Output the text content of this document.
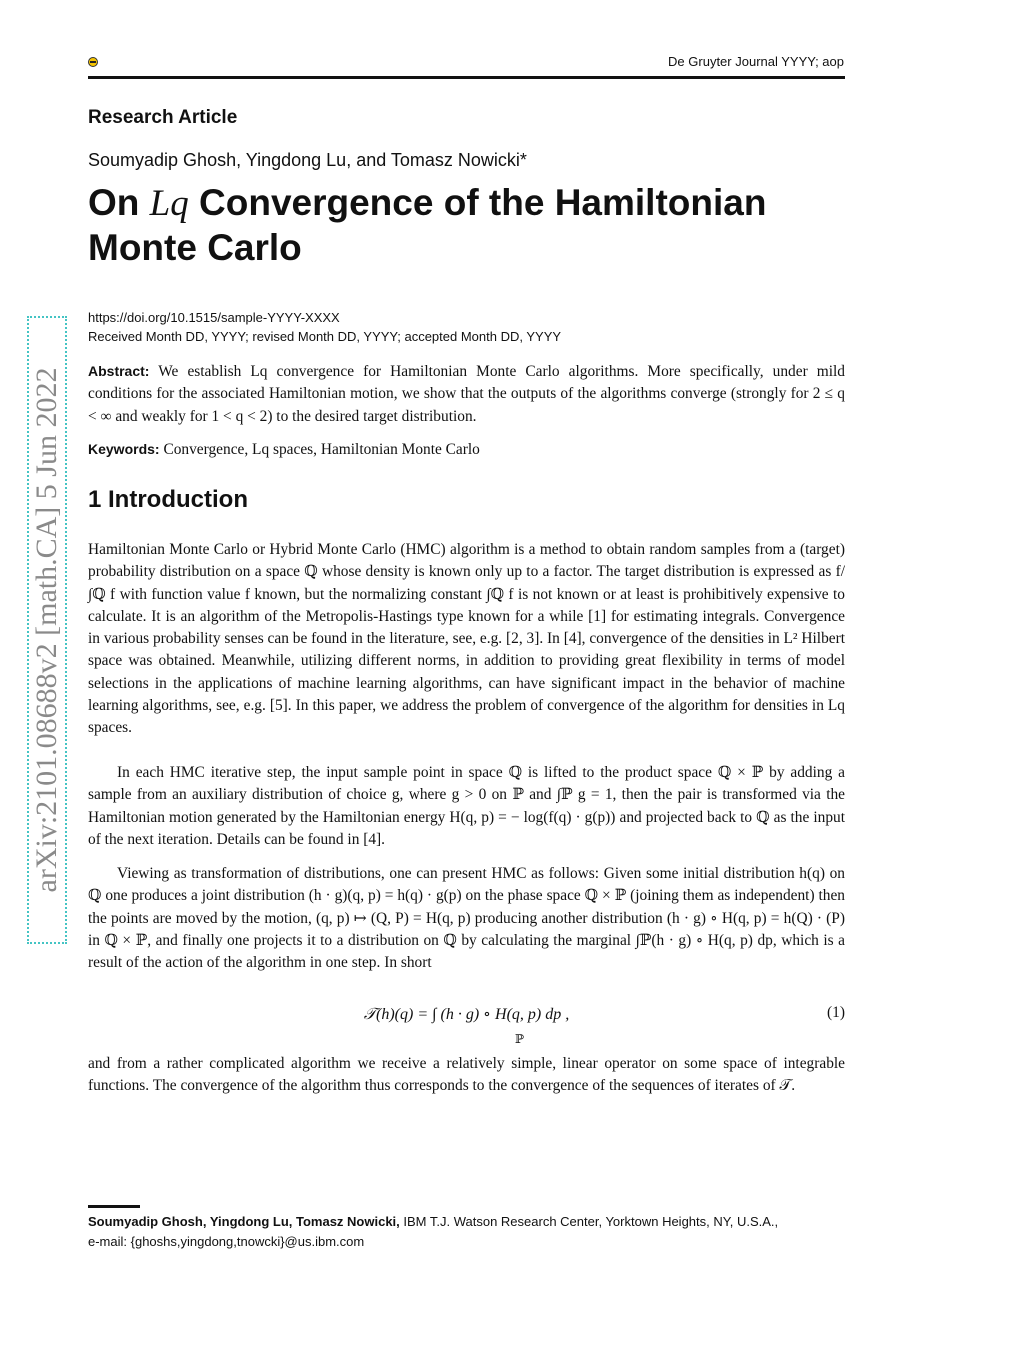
De Gruyter Journal YYYY; aop
Research Article
Soumyadip Ghosh, Yingdong Lu, and Tomasz Nowicki*
On Lq Convergence of the Hamiltonian Monte Carlo
https://doi.org/10.1515/sample-YYYY-XXXX
Received Month DD, YYYY; revised Month DD, YYYY; accepted Month DD, YYYY
arXiv:2101.08688v2 [math.CA] 5 Jun 2022 Abstract: We establish Lq convergence for Hamiltonian Monte Carlo algorithms. More specifically, under mild conditions for the associated Hamiltonian motion, we show that the outputs of the algorithms converge (strongly for 2 ≤ q < ∞ and weakly for 1 < q < 2) to the desired target distribution.
Keywords: Convergence, Lq spaces, Hamiltonian Monte Carlo
1 Introduction
Hamiltonian Monte Carlo or Hybrid Monte Carlo (HMC) algorithm is a method to obtain random samples from a (target) probability distribution on a space ℚ whose density is known only up to a factor. The target distribution is expressed as f/ ∫ℚ f with function value f known, but the normalizing constant ∫ℚ f is not known or at least is prohibitively expensive to calculate. It is an algorithm of the Metropolis-Hastings type known for a while [1] for estimating integrals. Convergence in various probability senses can be found in the literature, see, e.g. [2, 3]. In [4], convergence of the densities in L² Hilbert space was obtained. Meanwhile, utilizing different norms, in addition to providing great flexibility in terms of model selections in the applications of machine learning algorithms, can have significant impact in the behavior of machine learning algorithms, see, e.g. [5]. In this paper, we address the problem of convergence of the algorithm for densities in Lq spaces.
In each HMC iterative step, the input sample point in space ℚ is lifted to the product space ℚ × ℙ by adding a sample from an auxiliary distribution of choice g, where g > 0 on ℙ and ∫ℙ g = 1, then the pair is transformed via the Hamiltonian motion generated by the Hamiltonian energy H(q, p) = − log(f(q) · g(p)) and projected back to ℚ as the input of the next iteration. Details can be found in [4].
Viewing as transformation of distributions, one can present HMC as follows: Given some initial distribution h(q) on ℚ one produces a joint distribution (h · g)(q, p) = h(q) · g(p) on the phase space ℚ × ℙ (joining them as independent) then the points are moved by the motion, (q, p) ↦ (Q, P) = H(q, p) producing another distribution (h · g) ∘ H(q, p) = h(Q) · (P) in ℚ × ℙ, and finally one projects it to a distribution on ℚ by calculating the marginal ∫ℙ(h · g) ∘ H(q, p) dp, which is a result of the action of the algorithm in one step. In short
𝒯(h)(q) = ∫ (h · g) ∘ H(q, p) dp ,
ℙ
(1)
and from a rather complicated algorithm we receive a relatively simple, linear operator on some space of integrable functions. The convergence of the algorithm thus corresponds to the convergence of the sequences of iterates of 𝒯.
Soumyadip Ghosh, Yingdong Lu, Tomasz Nowicki, IBM T.J. Watson Research Center, Yorktown Heights, NY, U.S.A.,
e-mail: {ghoshs,yingdong,tnowcki}@us.ibm.com
